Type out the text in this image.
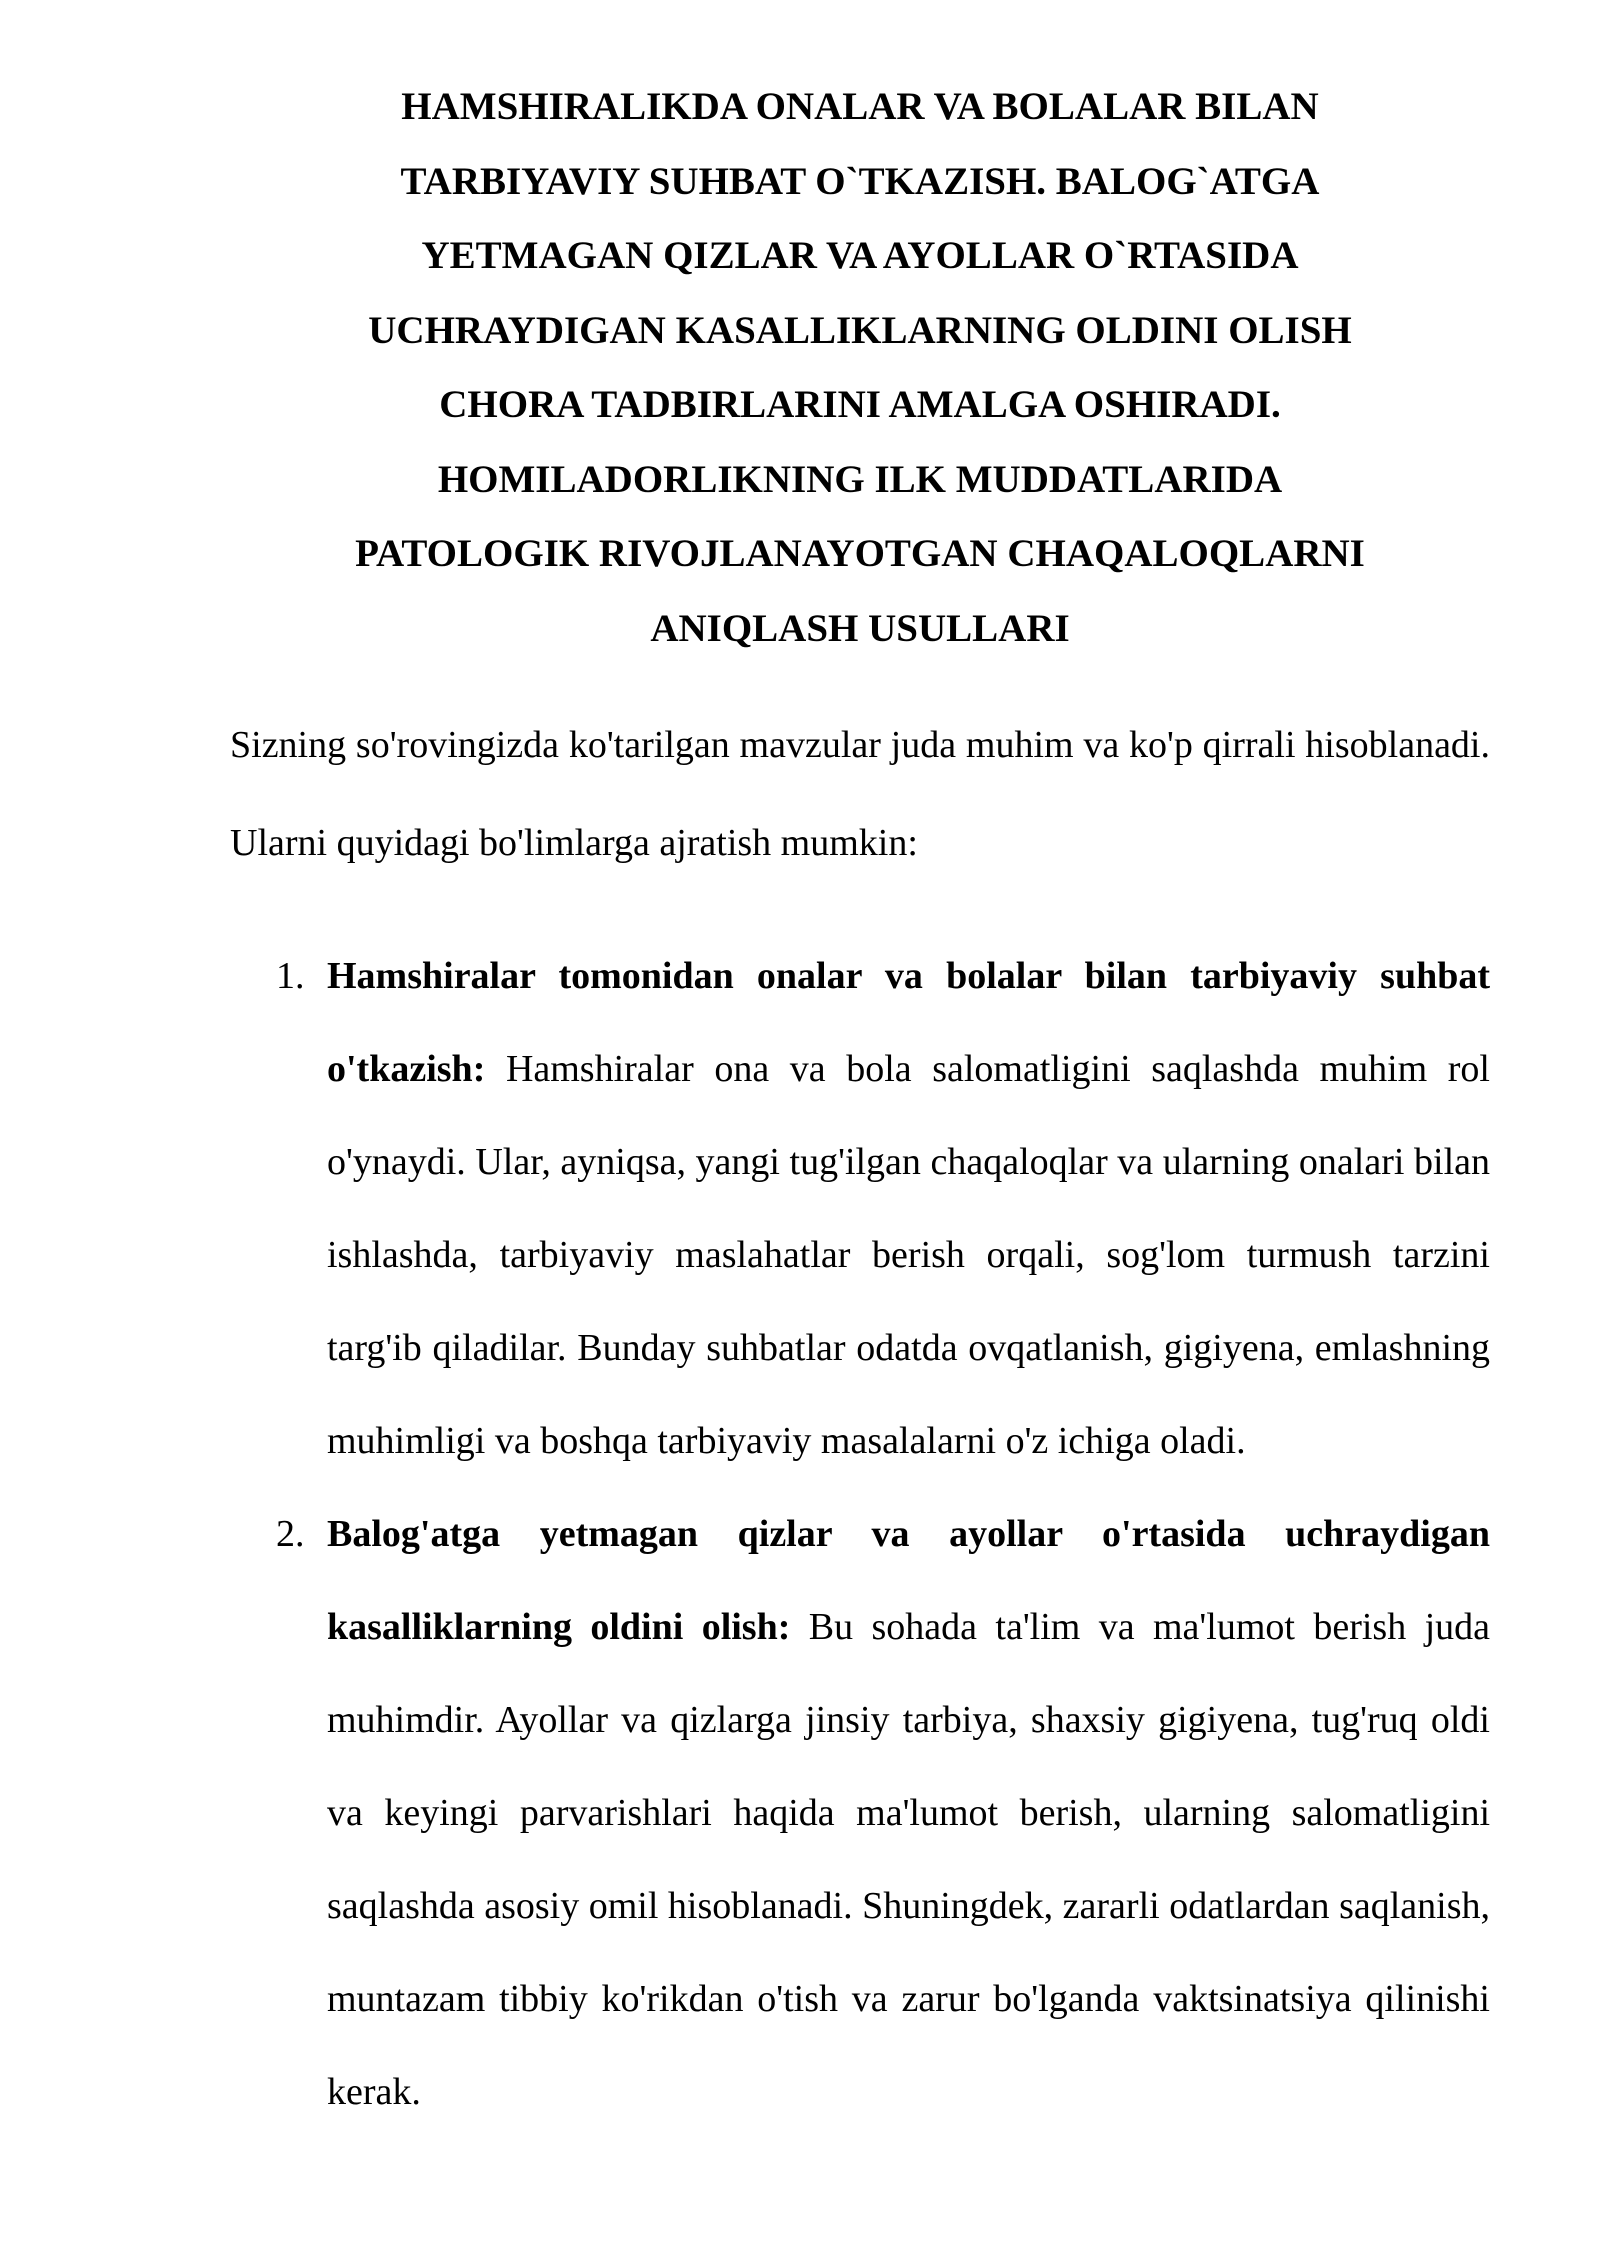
HAMSHIRALIKDA ONALAR VA BOLALAR BILAN TARBIYAVIY SUHBAT O`TKAZISH. BALOG`ATGA YETMAGAN QIZLAR VA AYOLLAR O`RTASIDA UCHRAYDIGAN KASALLIKLARNING OLDINI OLISH CHORA TADBIRLARINI AMALGA OSHIRADI. HOMILADORLIKNING ILK MUDDATLARIDA PATOLOGIK RIVOJLANAYOTGAN CHAQALOQLARNI ANIQLASH USULLARI

Sizning so'rovingizda ko'tarilgan mavzular juda muhim va ko'p qirrali hisoblanadi. Ularni quyidagi bo'limlarga ajratish mumkin:

1. Hamshiralar tomonidan onalar va bolalar bilan tarbiyaviy suhbat o'tkazish: Hamshiralar ona va bola salomatligini saqlashda muhim rol o'ynaydi. Ular, ayniqsa, yangi tug'ilgan chaqaloqlar va ularning onalari bilan ishlashda, tarbiyaviy maslahatlar berish orqali, sog'lom turmush tarzini targ'ib qiladilar. Bunday suhbatlar odatda ovqatlanish, gigiyena, emlashning muhimligi va boshqa tarbiyaviy masalalarni o'z ichiga oladi.
2. Balog'atga yetmagan qizlar va ayollar o'rtasida uchraydigan kasalliklarning oldini olish: Bu sohada ta'lim va ma'lumot berish juda muhimdir. Ayollar va qizlarga jinsiy tarbiya, shaxsiy gigiyena, tug'ruq oldi va keyingi parvarishlari haqida ma'lumot berish, ularning salomatligini saqlashda asosiy omil hisoblanadi. Shuningdek, zararli odatlardan saqlanish, muntazam tibbiy ko'rikdan o'tish va zarur bo'lganda vaktsinatsiya qilinishi kerak.
